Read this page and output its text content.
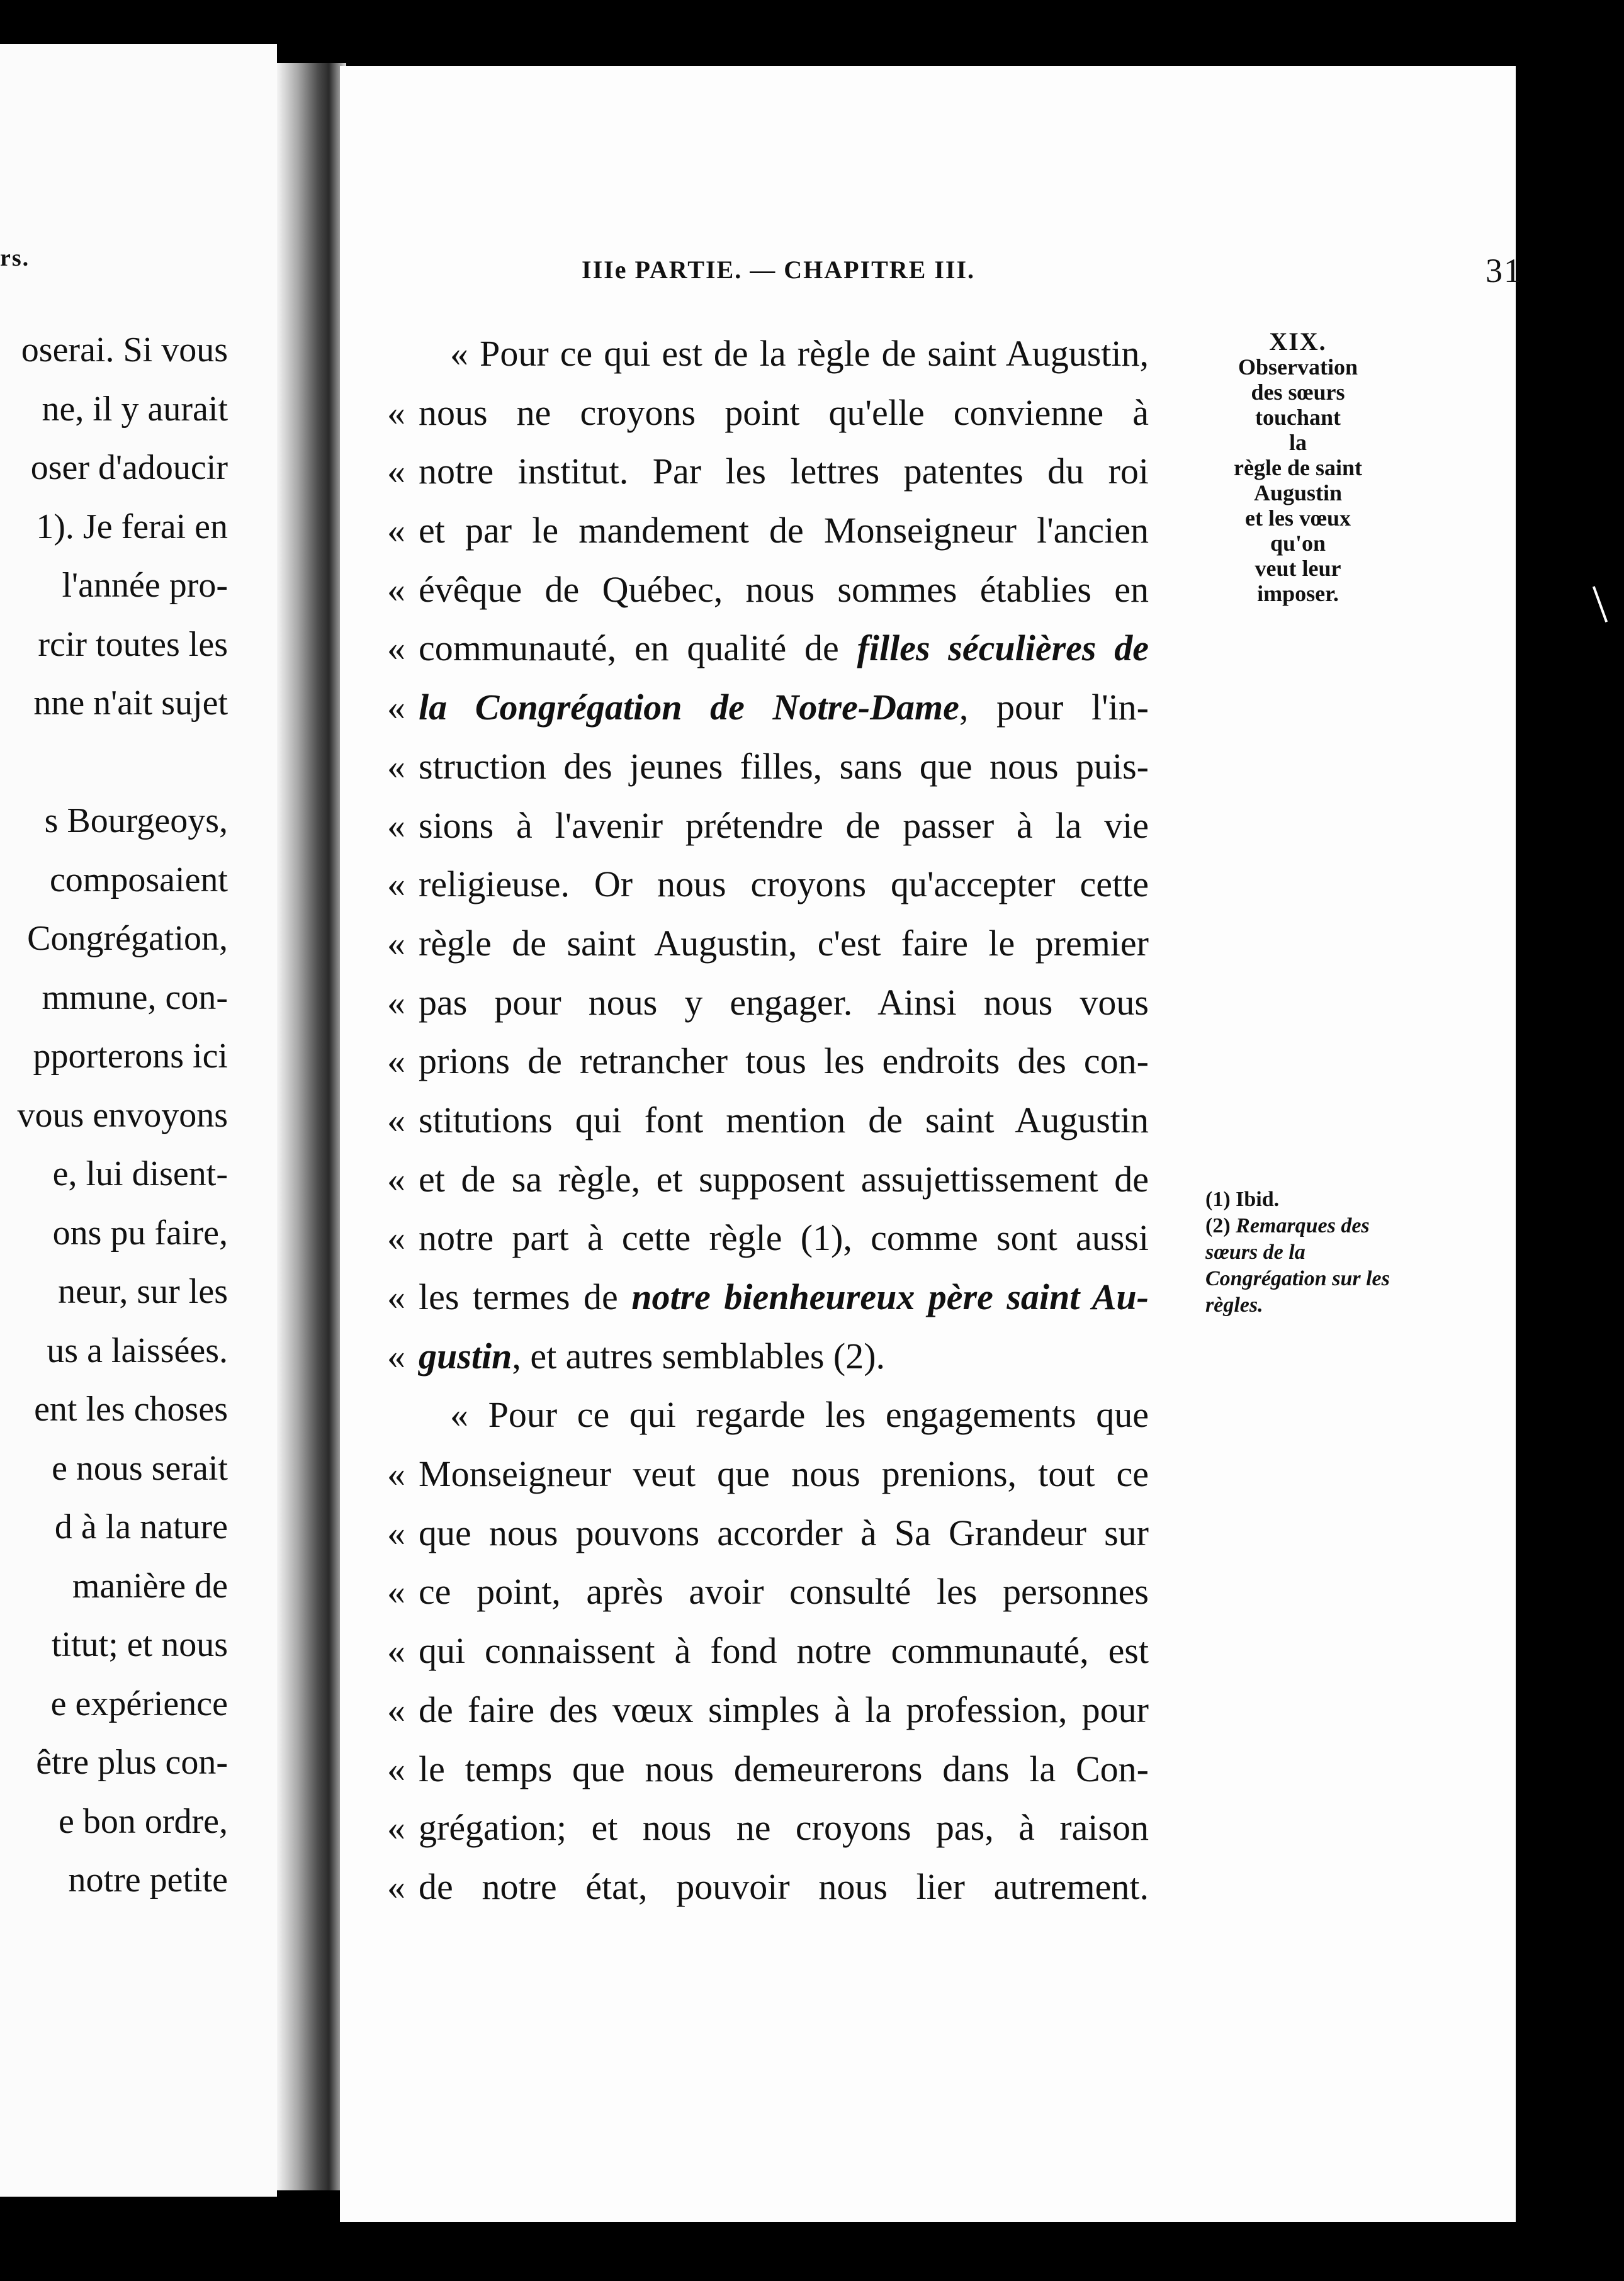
rs.
oserai. Si vous
ne, il y aurait
oser d'adoucir
1). Je ferai en
l'année pro-
rcir toutes les
nne n'ait sujet
s Bourgeoys,
composaient
Congrégation,
mmune, con-
pporterons ici
vous envoyons
e, lui disent-
ons pu faire,
neur, sur les
us a laissées.
ent les choses
e nous serait
d à la nature
manière de
titut; et nous
e expérience
être plus con-
e bon ordre,
notre petite
IIIe PARTIE. — CHAPITRE III.	31
« Pour ce qui est de la règle de saint Augustin,
« nous ne croyons point qu'elle convienne à
« notre institut. Par les lettres patentes du roi
« et par le mandement de Monseigneur l'ancien
« évêque de Québec, nous sommes établies en
« communauté, en qualité de filles séculières de
« la Congrégation de Notre-Dame, pour l'in-
« struction des jeunes filles, sans que nous puis-
« sions à l'avenir prétendre de passer à la vie
« religieuse. Or nous croyons qu'accepter cette
« règle de saint Augustin, c'est faire le premier
« pas pour nous y engager. Ainsi nous vous
« prions de retrancher tous les endroits des con-
« stitutions qui font mention de saint Augustin
« et de sa règle, et supposent assujettissement de
« notre part à cette règle (1), comme sont aussi
« les termes de notre bienheureux père saint Au-
« gustin, et autres semblables (2).
« Pour ce qui regarde les engagements que
« Monseigneur veut que nous prenions, tout ce
« que nous pouvons accorder à Sa Grandeur sur
« ce point, après avoir consulté les personnes
« qui connaissent à fond notre communauté, est
« de faire des vœux simples à la profession, pour
« le temps que nous demeurerons dans la Con-
« grégation; et nous ne croyons pas, à raison
« de notre état, pouvoir nous lier autrement.
XIX.
Observation
des sœurs
touchant
la
règle de saint
Augustin
et les vœux
qu'on
veut leur
imposer.
(1) Ibid.
(2) Remarques des sœurs de la Congrégation sur les règles.
